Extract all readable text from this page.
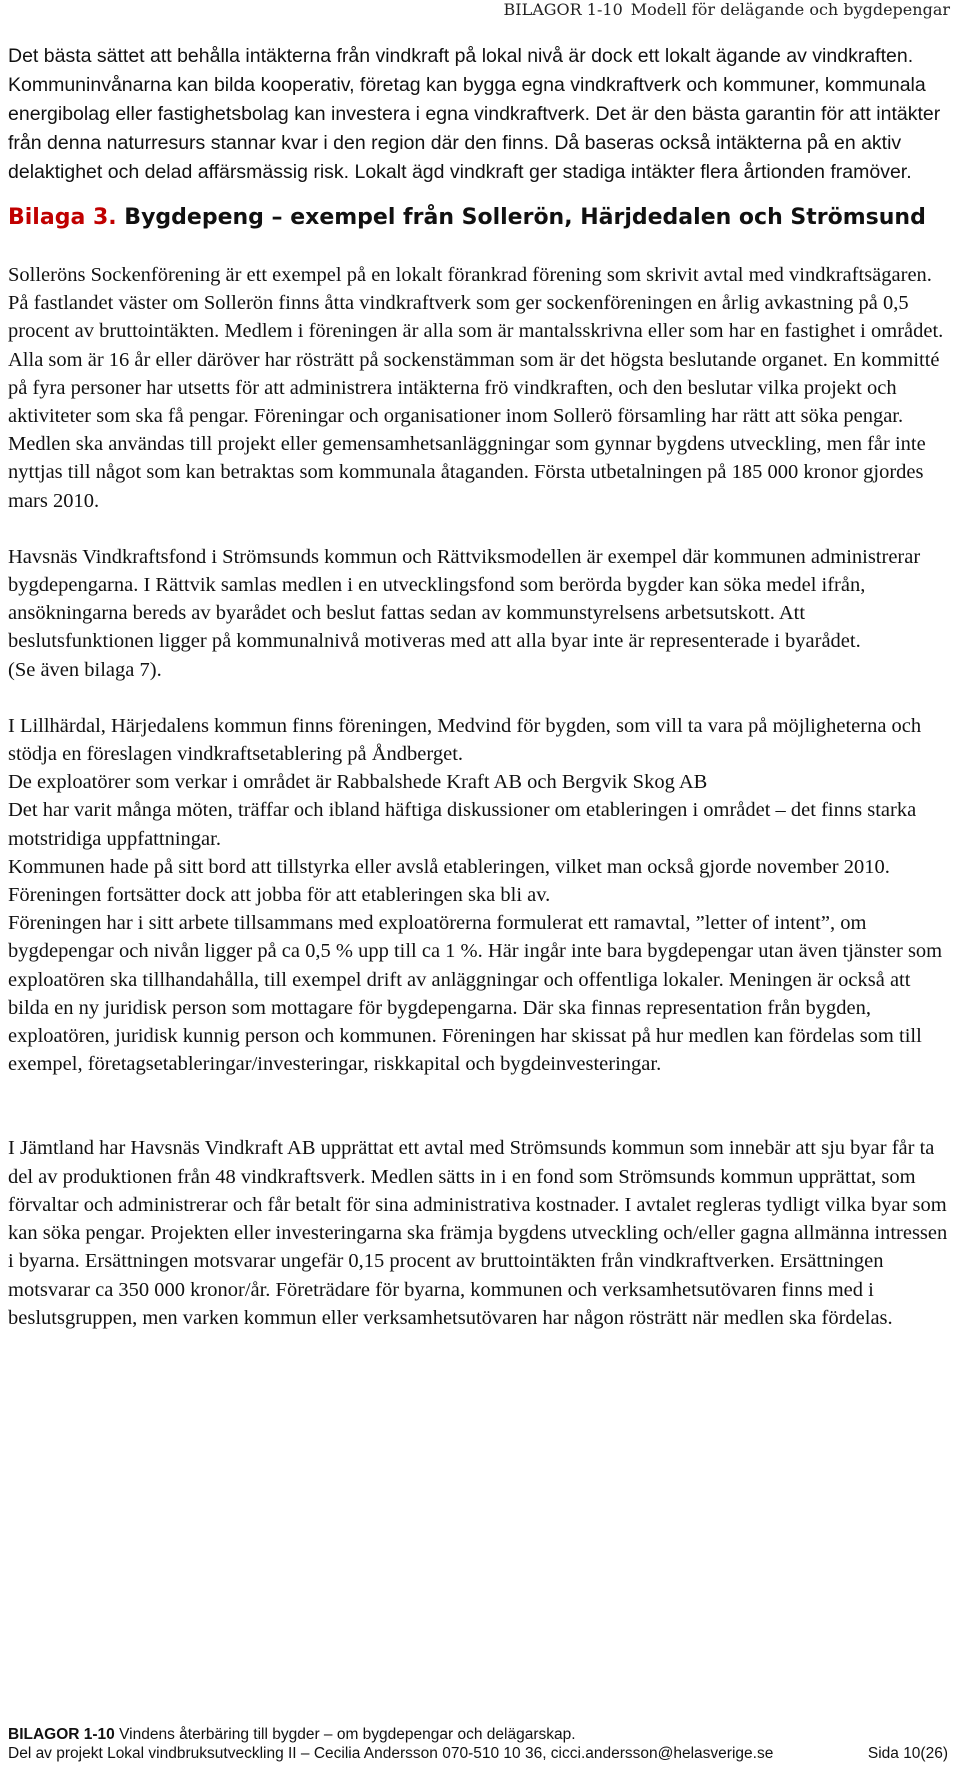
BILAGOR 1-10 Modell för delägande och bygdepengar

Det bästa sättet att behålla intäkterna från vindkraft på lokal nivå är dock ett lokalt ägande av vindkraften. Kommuninvånarna kan bilda kooperativ, företag kan bygga egna vindkraftverk och kommuner, kommunala energibolag eller fastighetsbolag kan investera i egna vindkraftverk. Det är den bästa garantin för att intäkter från denna naturresurs stannar kvar i den region där den finns. Då baseras också intäkterna på en aktiv delaktighet och delad affärsmässig risk. Lokalt ägd vindkraft ger stadiga intäkter flera årtionden framöver.

Bilaga 3. Bygdepeng – exempel från Sollerön, Härjdedalen och Strömsund

Solleröns Sockenförening är ett exempel på en lokalt förankrad förening som skrivit avtal med vindkraftsägaren. På fastlandet väster om Sollerön finns åtta vindkraftverk som ger sockenföreningen en årlig avkastning på 0,5 procent av bruttointäkten. Medlem i föreningen är alla som är mantalsskrivna eller som har en fastighet i området. Alla som är 16 år eller däröver har rösträtt på sockenstämman som är det högsta beslutande organet. En kommitté på fyra personer har utsetts för att administrera intäkterna frö vindkraften, och den beslutar vilka projekt och aktiviteter som ska få pengar. Föreningar och organisationer inom Sollerö församling har rätt att söka pengar. Medlen ska användas till projekt eller gemensamhetsanläggningar som gynnar bygdens utveckling, men får inte nyttjas till något som kan betraktas som kommunala åtaganden. Första utbetalningen på 185 000 kronor gjordes mars 2010.

Havsnäs Vindkraftsfond i Strömsunds kommun och Rättviksmodellen är exempel där kommunen administrerar bygdepengarna. I Rättvik samlas medlen i en utvecklingsfond som berörda bygder kan söka medel ifrån, ansökningarna bereds av byarådet och beslut fattas sedan av kommunstyrelsens arbetsutskott. Att beslutsfunktionen ligger på kommunalnivå motiveras med att alla byar inte är representerade i byarådet.

(Se även bilaga 7).

I Lillhärdal, Härjedalens kommun finns föreningen, Medvind för bygden, som vill ta vara på möjligheterna och stödja en föreslagen vindkraftsetablering på Åndberget.

De exploatörer som verkar i området är Rabbalshede Kraft AB och Bergvik Skog AB

Det har varit många möten, träffar och ibland häftiga diskussioner om etableringen i området – det finns starka motstridiga uppfattningar.

Kommunen hade på sitt bord att tillstyrka eller avslå etableringen, vilket man också gjorde november 2010. Föreningen fortsätter dock att jobba för att etableringen ska bli av.

Föreningen har i sitt arbete tillsammans med exploatörerna formulerat ett ramavtal, ”letter of intent”, om bygdepengar och nivån ligger på ca 0,5 % upp till ca 1 %. Här ingår inte bara bygdepengar utan även tjänster som exploatören ska tillhandahålla, till exempel drift av anläggningar och offentliga lokaler. Meningen är också att bilda en ny juridisk person som mottagare för bygdepengarna. Där ska finnas representation från bygden, exploatören, juridisk kunnig person och kommunen. Föreningen har skissat på hur medlen kan fördelas som till exempel, företagsetableringar/investeringar, riskkapital och bygdeinvesteringar.

I Jämtland har Havsnäs Vindkraft AB upprättat ett avtal med Strömsunds kommun som innebär att sju byar får ta del av produktionen från 48 vindkraftsverk. Medlen sätts in i en fond som Strömsunds kommun upprättat, som förvaltar och administrerar och får betalt för sina administrativa kostnader. I avtalet regleras tydligt vilka byar som kan söka pengar. Projekten eller investeringarna ska främja bygdens utveckling och/eller gagna allmänna intressen i byarna. Ersättningen motsvarar ungefär 0,15 procent av bruttointäkten från vindkraftverken. Ersättningen motsvarar ca 350 000 kronor/år. Företrädare för byarna, kommunen och verksamhetsutövaren finns med i beslutsgruppen, men varken kommun eller verksamhetsutövaren har någon rösträtt när medlen ska fördelas.

BILAGOR 1-10 Vindens återbäring till bygder – om bygdepengar och delägarskap.
Del av projekt Lokal vindbruksutveckling II – Cecilia Andersson 070-510 10 36, cicci.andersson@helasverige.se	Sida 10(26)
